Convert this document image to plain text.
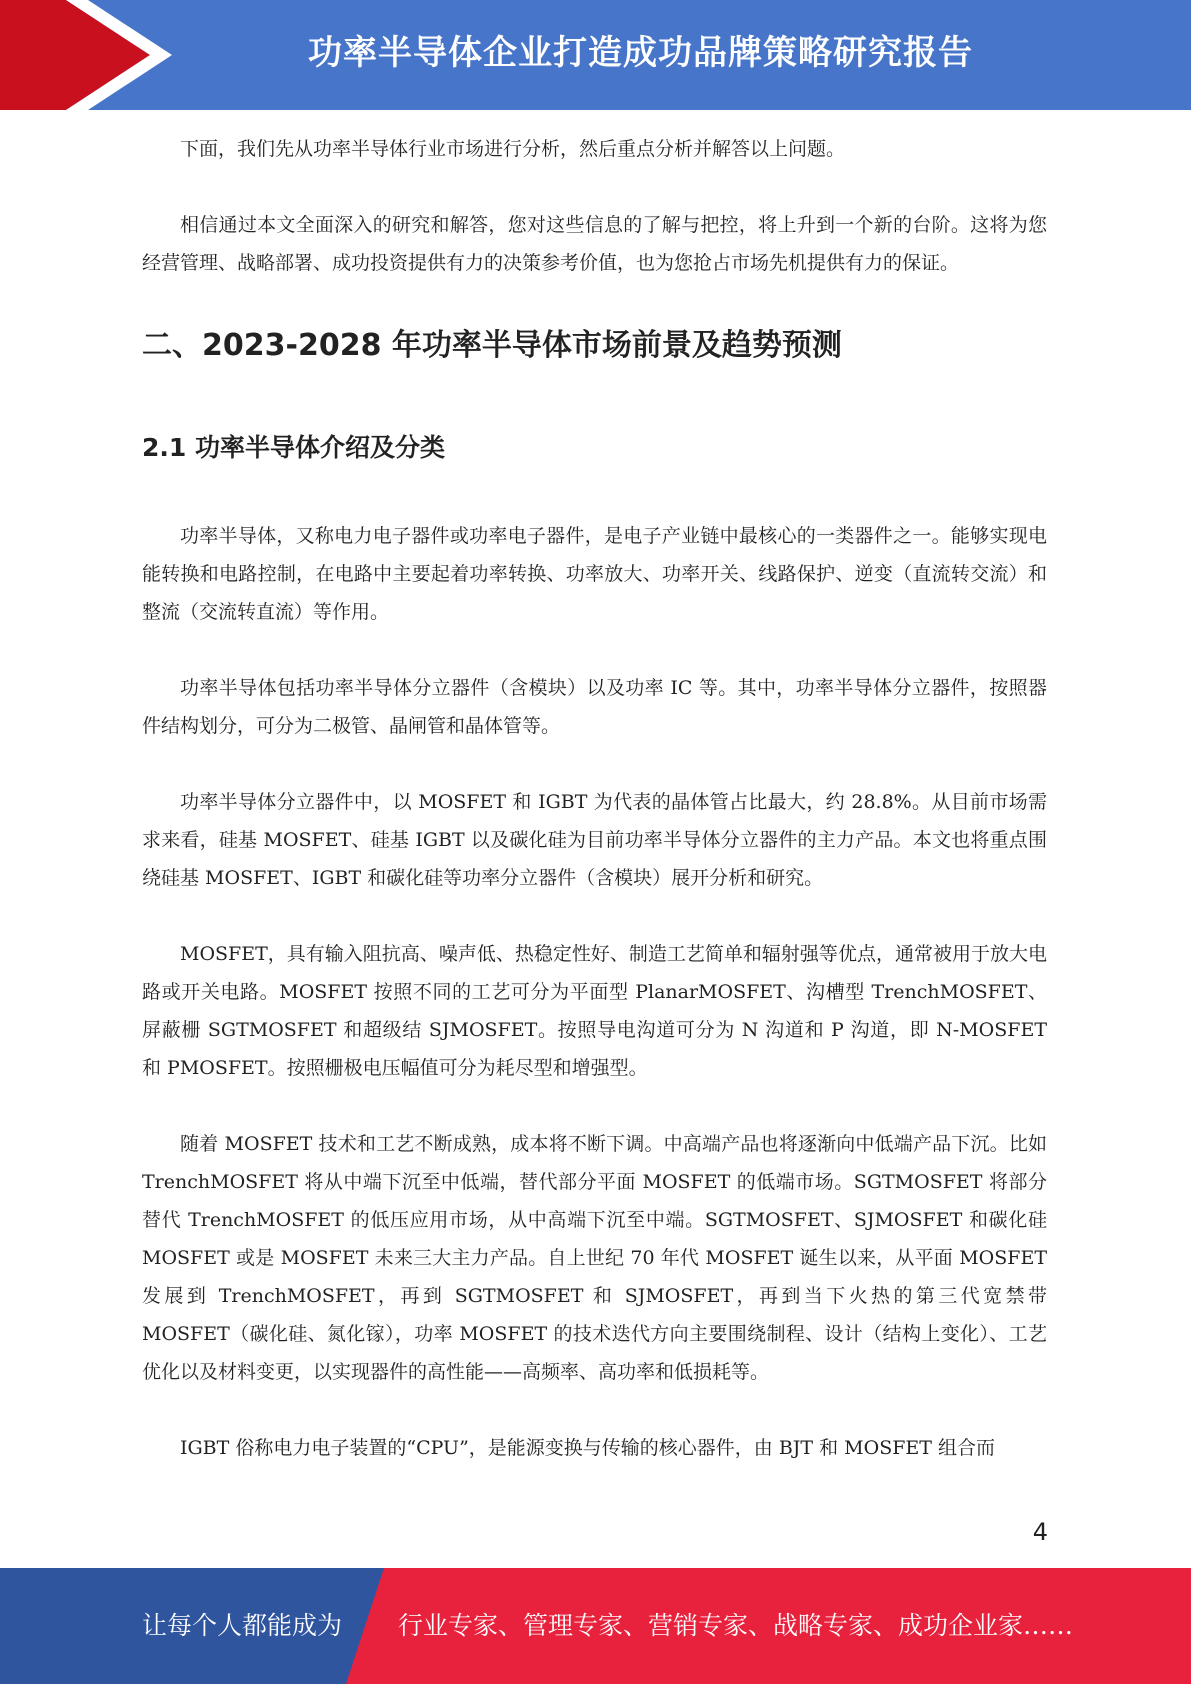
功率半导体企业打造成功品牌策略研究报告

下面，我们先从功率半导体行业市场进行分析，然后重点分析并解答以上问题。

相信通过本文全面深入的研究和解答，您对这些信息的了解与把控，将上升到一个新的台阶。这将为您经营管理、战略部署、成功投资提供有力的决策参考价值，也为您抢占市场先机提供有力的保证。

二、2023-2028 年功率半导体市场前景及趋势预测
2.1 功率半导体介绍及分类

功率半导体，又称电力电子器件或功率电子器件，是电子产业链中最核心的一类器件之一。能够实现电能转换和电路控制，在电路中主要起着功率转换、功率放大、功率开关、线路保护、逆变（直流转交流）和整流（交流转直流）等作用。

功率半导体包括功率半导体分立器件（含模块）以及功率 IC 等。其中，功率半导体分立器件，按照器件结构划分，可分为二极管、晶闸管和晶体管等。

功率半导体分立器件中，以 MOSFET 和 IGBT 为代表的晶体管占比最大，约 28.8%。从目前市场需求来看，硅基 MOSFET、硅基 IGBT 以及碳化硅为目前功率半导体分立器件的主力产品。本文也将重点围绕硅基 MOSFET、IGBT 和碳化硅等功率分立器件（含模块）展开分析和研究。

MOSFET，具有输入阻抗高、噪声低、热稳定性好、制造工艺简单和辐射强等优点，通常被用于放大电路或开关电路。MOSFET 按照不同的工艺可分为平面型 PlanarMOSFET、沟槽型 TrenchMOSFET、屏蔽栅 SGTMOSFET 和超级结 SJMOSFET。按照导电沟道可分为 N 沟道和 P 沟道，即 N-MOSFET 和 PMOSFET。按照栅极电压幅值可分为耗尽型和增强型。

随着 MOSFET 技术和工艺不断成熟，成本将不断下调。中高端产品也将逐渐向中低端产品下沉。比如 TrenchMOSFET 将从中端下沉至中低端，替代部分平面 MOSFET 的低端市场。SGTMOSFET 将部分替代 TrenchMOSFET 的低压应用市场，从中高端下沉至中端。SGTMOSFET、SJMOSFET 和碳化硅 MOSFET 或是 MOSFET 未来三大主力产品。自上世纪 70 年代 MOSFET 诞生以来，从平面 MOSFET 发展到 TrenchMOSFET，再到 SGTMOSFET 和 SJMOSFET，再到当下火热的第三代宽禁带 MOSFET（碳化硅、氮化镓），功率 MOSFET 的技术迭代方向主要围绕制程、设计（结构上变化）、工艺优化以及材料变更，以实现器件的高性能——高频率、高功率和低损耗等。

IGBT 俗称电力电子装置的“CPU”，是能源变换与传输的核心器件，由 BJT 和 MOSFET 组合而

4
让每个人都能成为 行业专家、管理专家、营销专家、战略专家、成功企业家……
